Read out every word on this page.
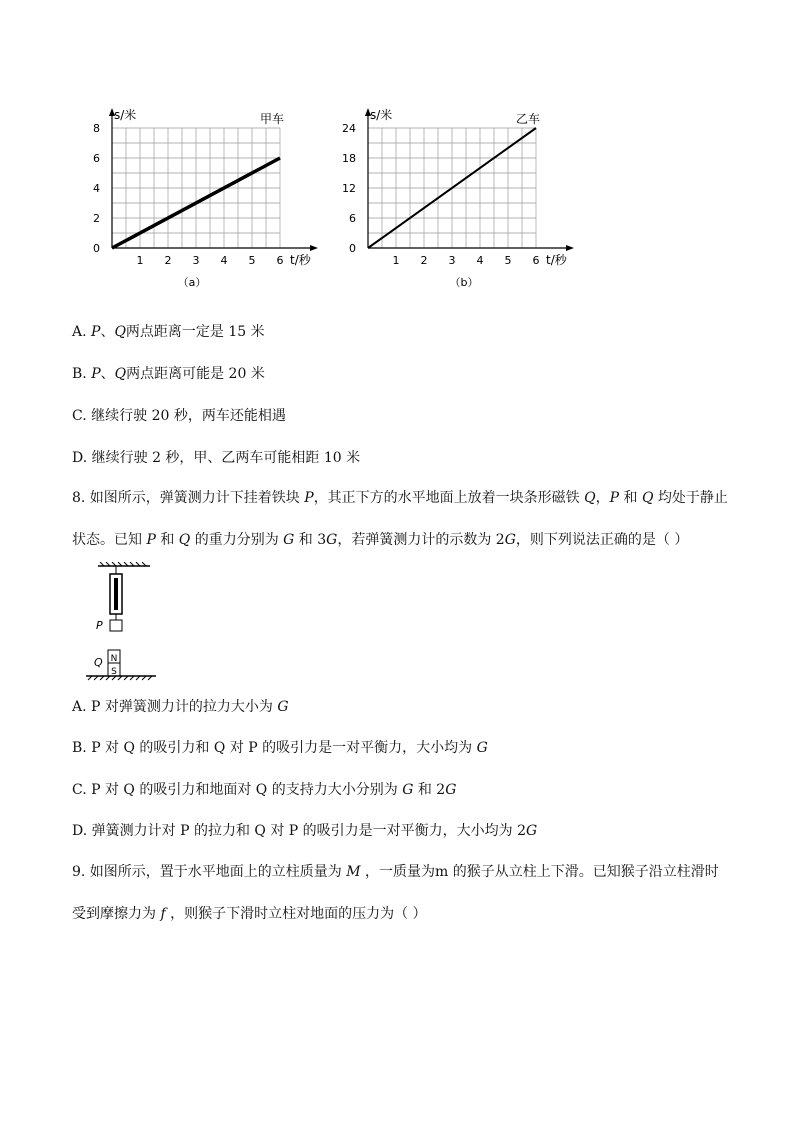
1 2 3 4 5 6
0
2
4
6
8
s/米
t/秒
甲车
（a）
1 2 3 4 5 6
0
6
12
18
24
s/米
t/秒
乙车
（b）
A. P、Q两点距离一定是 15 米
B. P、Q两点距离可能是 20 米
C. 继续行驶 20 秒，两车还能相遇
D. 继续行驶 2 秒，甲、乙两车可能相距 10 米
8. 如图所示，弹簧测力计下挂着铁块 P，其正下方的水平地面上放着一块条形磁铁 Q，P 和 Q 均处于静止
状态。已知 P 和 Q 的重力分别为 G 和 3G，若弹簧测力计的示数为 2G，则下列说法正确的是（ ）
P
N
S
Q
A. P 对弹簧测力计的拉力大小为 G
B. P 对 Q 的吸引力和 Q 对 P 的吸引力是一对平衡力，大小均为 G
C. P 对 Q 的吸引力和地面对 Q 的支持力大小分别为 G 和 2G
D. 弹簧测力计对 P 的拉力和 Q 对 P 的吸引力是一对平衡力，大小均为 2G
9. 如图所示，置于水平地面上的立柱质量为 M ，一质量为m 的猴子从立柱上下滑。已知猴子沿立柱滑时
受到摩擦力为 f ，则猴子下滑时立柱对地面的压力为（ ）
